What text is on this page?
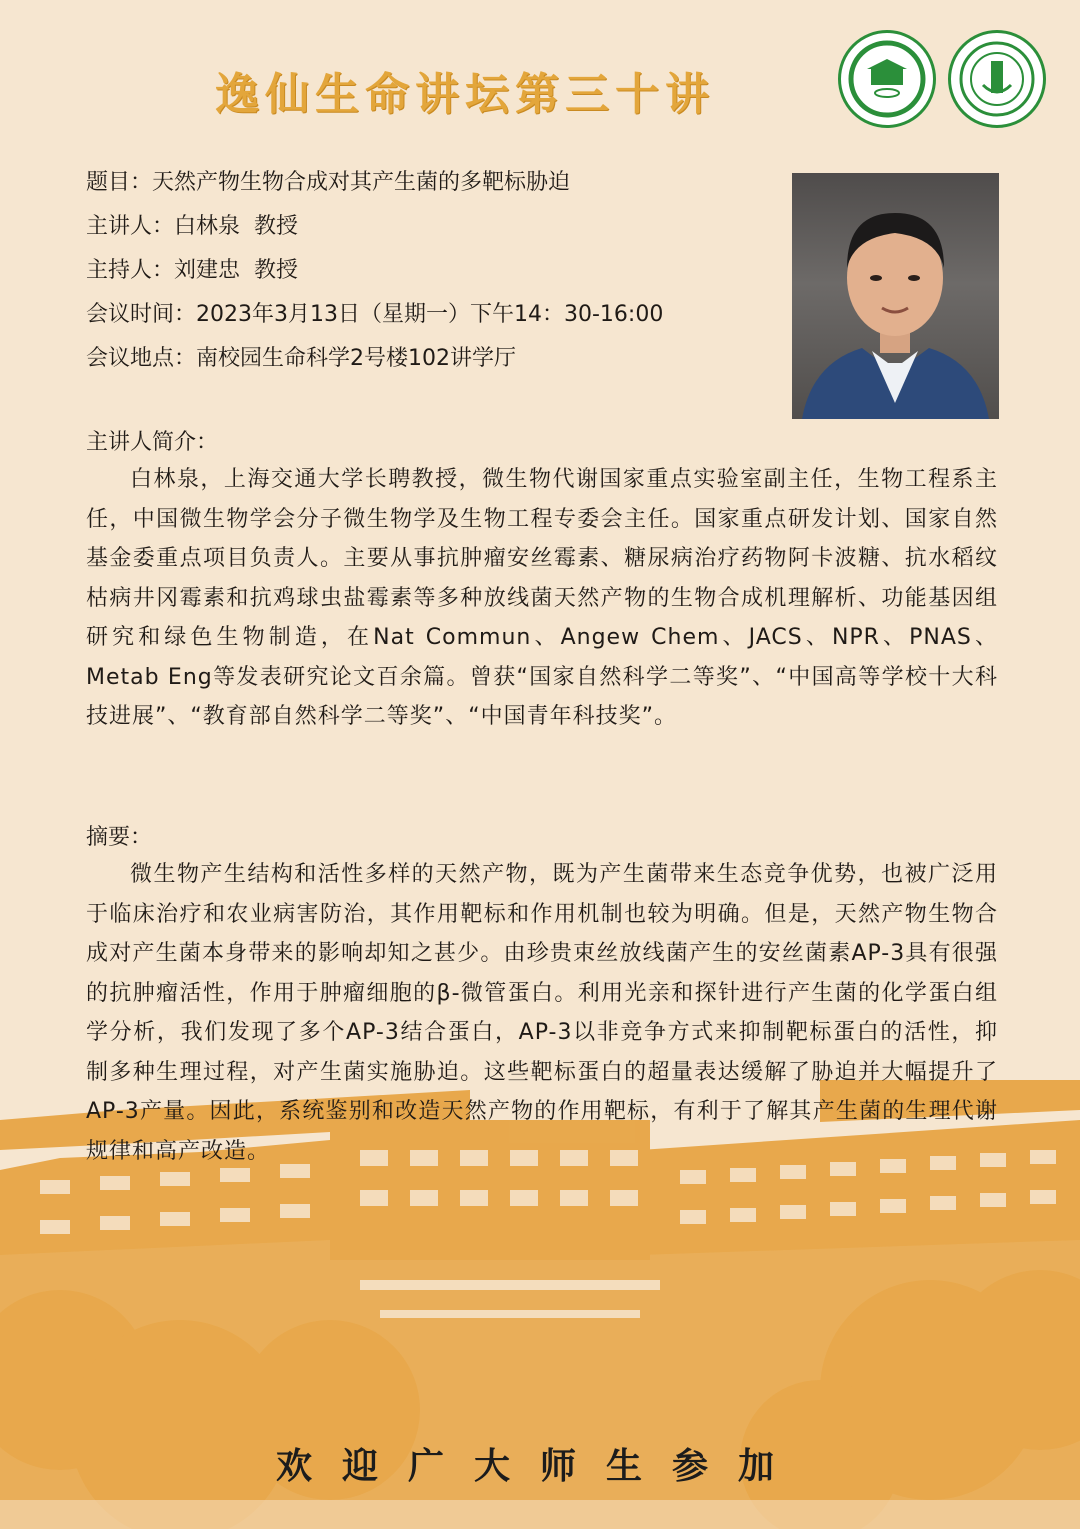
逸仙生命讲坛第三十讲
题目：天然产物生物合成对其产生菌的多靶标胁迫
主讲人：白林泉  教授
主持人：刘建忠  教授
会议时间：2023年3月13日（星期一）下午14：30-16:00
会议地点：南校园生命科学2号楼102讲学厅
主讲人简介：
白林泉，上海交通大学长聘教授，微生物代谢国家重点实验室副主任，生物工程系主任，中国微生物学会分子微生物学及生物工程专委会主任。国家重点研发计划、国家自然基金委重点项目负责人。主要从事抗肿瘤安丝霉素、糖尿病治疗药物阿卡波糖、抗水稻纹枯病井冈霉素和抗鸡球虫盐霉素等多种放线菌天然产物的生物合成机理解析、功能基因组研究和绿色生物制造，在Nat Commun、Angew Chem、JACS、NPR、PNAS、Metab Eng等发表研究论文百余篇。曾获“国家自然科学二等奖”、“中国高等学校十大科技进展”、“教育部自然科学二等奖”、“中国青年科技奖”。
摘要：
微生物产生结构和活性多样的天然产物，既为产生菌带来生态竞争优势，也被广泛用于临床治疗和农业病害防治，其作用靶标和作用机制也较为明确。但是，天然产物生物合成对产生菌本身带来的影响却知之甚少。由珍贵束丝放线菌产生的安丝菌素AP-3具有很强的抗肿瘤活性，作用于肿瘤细胞的β-微管蛋白。利用光亲和探针进行产生菌的化学蛋白组学分析，我们发现了多个AP-3结合蛋白，AP-3以非竞争方式来抑制靶标蛋白的活性，抑制多种生理过程，对产生菌实施胁迫。这些靶标蛋白的超量表达缓解了胁迫并大幅提升了AP-3产量。因此，系统鉴别和改造天然产物的作用靶标，有利于了解其产生菌的生理代谢规律和高产改造。
欢迎广大师生参加
